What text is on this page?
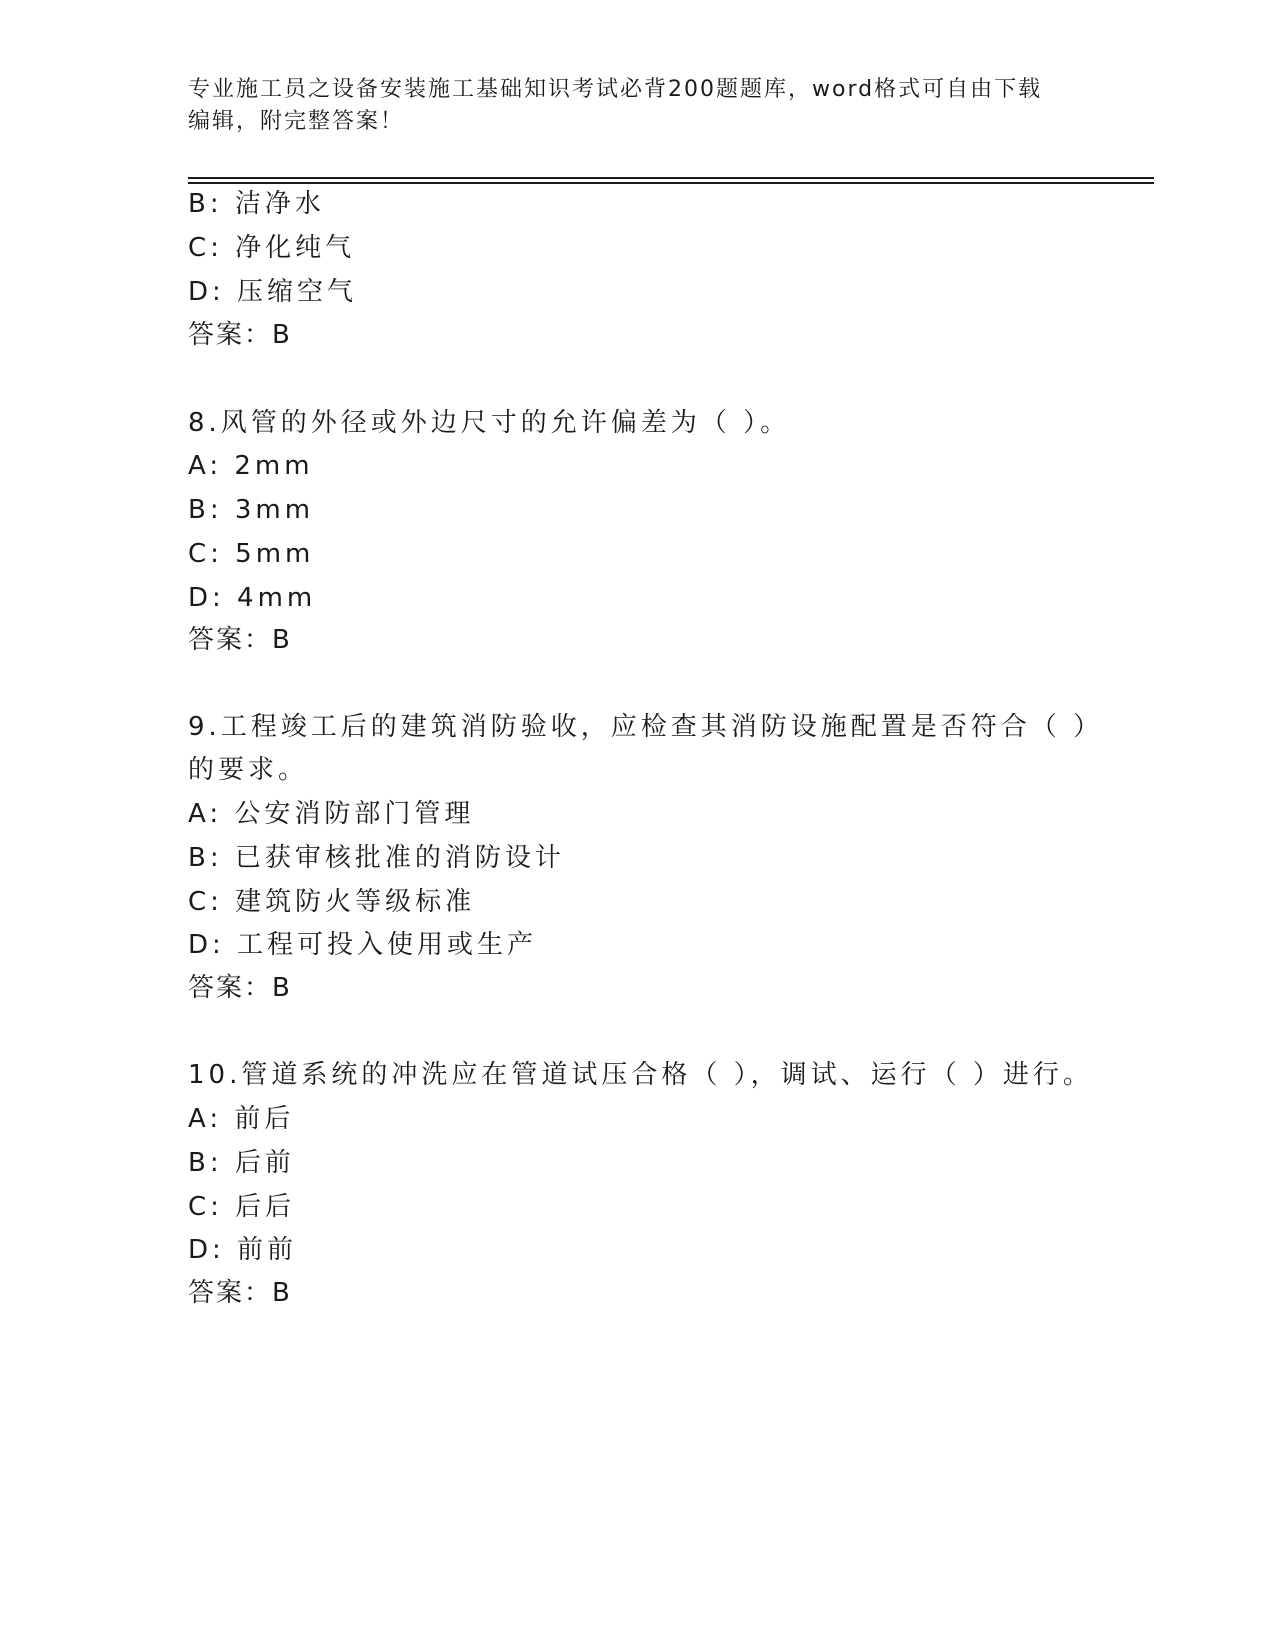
专业施工员之设备安装施工基础知识考试必背200题题库，word格式可自由下载
编辑，附完整答案！
B: 洁净水
C: 净化纯气
D: 压缩空气
答案：B
8.风管的外径或外边尺寸的允许偏差为（ ）。
A: 2mm
B: 3mm
C: 5mm
D: 4mm
答案：B
9.工程竣工后的建筑消防验收，应检查其消防设施配置是否符合（ ）
的要求。
A: 公安消防部门管理
B: 已获审核批准的消防设计
C: 建筑防火等级标准
D: 工程可投入使用或生产
答案：B
10.管道系统的冲洗应在管道试压合格（ ），调试、运行（ ）进行。
A: 前后
B: 后前
C: 后后
D: 前前
答案：B
